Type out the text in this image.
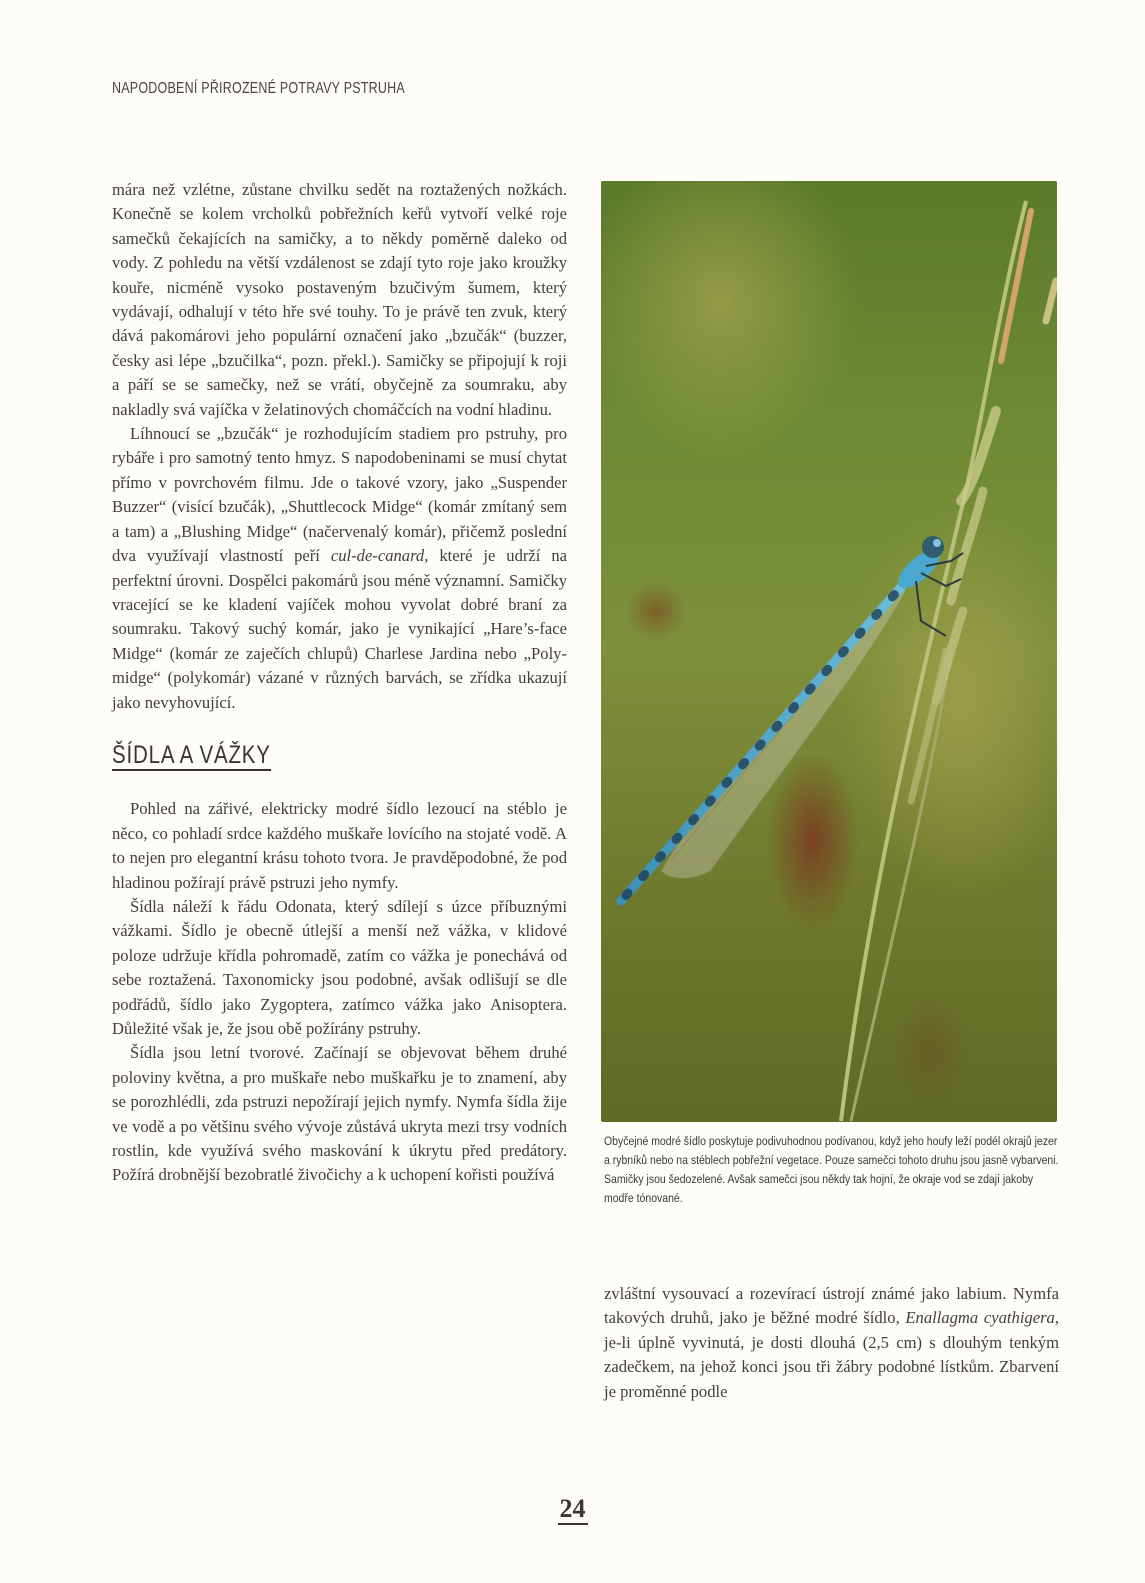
NAPODOBENÍ PŘIROZENÉ POTRAVY PSTRUHA

mára než vzlétne, zůstane chvilku sedět na roztažených nožkách. Konečně se kolem vrcholků pobřežních keřů vytvoří velké roje samečků čekajících na samičky, a to někdy poměrně daleko od vody. Z pohledu na větší vzdálenost se zdají tyto roje jako kroužky kouře, nicméně vysoko postaveným bzučivým šumem, který vydávají, odhalují v této hře své touhy. To je právě ten zvuk, který dává pakomárovi jeho populární označení jako „bzučák“ (buzzer, česky asi lépe „bzučilka“, pozn. překl.). Samičky se připojují k roji a páří se se samečky, než se vrátí, obyčejně za soumraku, aby nakladly svá vajíčka v želatinových chomáčcích na vodní hladinu.

Líhnoucí se „bzučák“ je rozhodujícím stadiem pro pstruhy, pro rybáře i pro samotný tento hmyz. S napodobeninami se musí chytat přímo v povrchovém filmu. Jde o takové vzory, jako „Suspender Buzzer“ (visící bzučák), „Shuttlecock Midge“ (komár zmítaný sem a tam) a „Blushing Midge“ (načervenalý komár), přičemž poslední dva využívají vlastností peří cul-de-canard, které je udrží na perfektní úrovni. Dospělci pakomárů jsou méně významní. Samičky vracející se ke kladení vajíček mohou vyvolat dobré braní za soumraku. Takový suchý komár, jako je vynikající „Hare’s-face Midge“ (komár ze zaječích chlupů) Charlese Jardina nebo „Poly-midge“ (polykomár) vázané v různých barvách, se zřídka ukazují jako nevyhovující.

ŠÍDLA A VÁŽKY

Pohled na zářivé, elektricky modré šídlo lezoucí na stéblo je něco, co pohladí srdce každého muškaře lovícího na stojaté vodě. A to nejen pro elegantní krásu tohoto tvora. Je pravděpodobné, že pod hladinou požírají právě pstruzi jeho nymfy.

Šídla náleží k řádu Odonata, který sdílejí s úzce příbuznými vážkami. Šídlo je obecně útlejší a menší než vážka, v klidové poloze udržuje křídla pohromadě, zatím co vážka je ponechává od sebe roztažená. Taxonomicky jsou podobné, avšak odlišují se dle podřádů, šídlo jako Zygoptera, zatímco vážka jako Anisoptera. Důležité však je, že jsou obě požírány pstruhy.

Šídla jsou letní tvorové. Začínají se objevovat během druhé poloviny května, a pro muškaře nebo muškařku je to znamení, aby se porozhlédli, zda pstruzi nepožírají jejich nymfy. Nymfa šídla žije ve vodě a po většinu svého vývoje zůstává ukryta mezi trsy vodních rostlin, kde využívá svého maskování k úkrytu před predátory. Požírá drobnější bezobratlé živočichy a k uchopení kořisti používá

Obyčejné modré šídlo poskytuje podivuhodnou podívanou, když jeho houfy leží podél okrajů jezer a rybníků nebo na stéblech pobřežní vegetace. Pouze samečci tohoto druhu jsou jasně vybarveni. Samičky jsou šedozelené. Avšak samečci jsou někdy tak hojní, že okraje vod se zdají jakoby modře tónované.

zvláštní vysouvací a rozevírací ústrojí známé jako labium. Nymfa takových druhů, jako je běžné modré šídlo, Enallagma cyathigera, je-li úplně vyvinutá, je dosti dlouhá (2,5 cm) s dlouhým tenkým zadečkem, na jehož konci jsou tři žábry podobné lístkům. Zbarvení je proměnné podle

24
